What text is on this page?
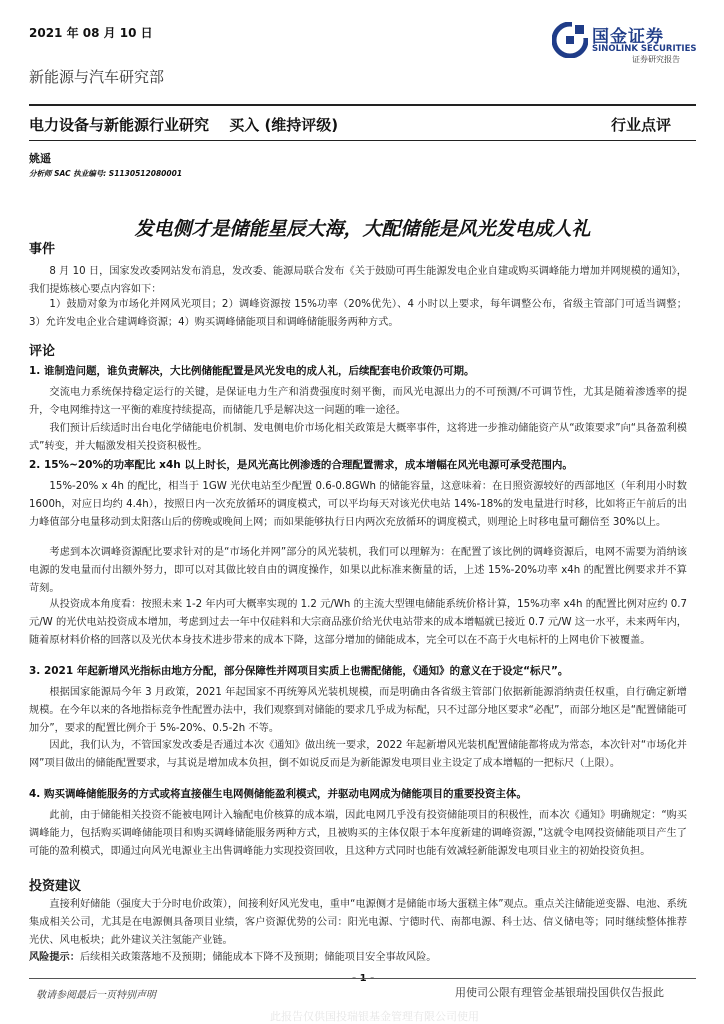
2021 年 08 月 10 日	国金证券
SINOLINK SECURITIES
证券研究报告
新能源与汽车研究部
电力设备与新能源行业研究　 买入 (维持评级)	行业点评
姚遥
分析师 SAC 执业编号: S1130512080001
发电侧才是储能星辰大海，大配储能是风光发电成人礼
事件
8 月 10 日，国家发改委网站发布消息，发改委、能源局联合发布《关于鼓励可再生能源发电企业自建或购买调峰能力增加并网规模的通知》，我们提炼核心要点内容如下：
1）鼓励对象为市场化并网风光项目；2）调峰资源按 15%功率（20%优先）、4 小时以上要求，每年调整公布，省级主管部门可适当调整；3）允许发电企业合建调峰资源；4）购买调峰储能项目和调峰储能服务两种方式。
评论
1. 谁制造问题，谁负责解决，大比例储能配置是风光发电的成人礼，后续配套电价政策仍可期。
交流电力系统保持稳定运行的关键，是保证电力生产和消费强度时刻平衡，而风光电源出力的不可预测/不可调节性，尤其是随着渗透率的提升，令电网维持这一平衡的难度持续提高，而储能几乎是解决这一问题的唯一途径。
我们预计后续适时出台电化学储能电价机制、发电侧电价市场化相关政策是大概率事件，这将进一步推动储能资产从“政策要求”向“具备盈利模式”转变，并大幅激发相关投资积极性。
2. 15%~20%的功率配比 x4h 以上时长，是风光高比例渗透的合理配置需求，成本增幅在风光电源可承受范围内。
15%-20% x 4h 的配比，相当于 1GW 光伏电站至少配置 0.6-0.8GWh 的储能容量，这意味着：在日照资源较好的西部地区（年利用小时数 1600h，对应日均约 4.4h），按照日内一次充放循环的调度模式，可以平均每天对该光伏电站 14%-18%的发电量进行时移，比如将正午前后的出力峰值部分电量移动到太阳落山后的傍晚或晚间上网；而如果能够执行日内两次充放循环的调度模式，则理论上时移电量可翻倍至 30%以上。
考虑到本次调峰资源配比要求针对的是“市场化并网”部分的风光装机，我们可以理解为：在配置了该比例的调峰资源后，电网不需要为消纳该电源的发电量而付出额外努力，即可以对其做比较自由的调度操作，如果以此标准来衡量的话，上述 15%-20%功率 x4h 的配置比例要求并不算苛刻。
从投资成本角度看：按照未来 1-2 年内可大概率实现的 1.2 元/Wh 的主流大型锂电储能系统价格计算，15%功率 x4h 的配置比例对应约 0.7 元/W 的光伏电站投资成本增加，考虑到过去一年中仅硅料和大宗商品涨价给光伏电站带来的成本增幅就已接近 0.7 元/W 这一水平，未来两年内，随着原材料价格的回落以及光伏本身技术进步带来的成本下降，这部分增加的储能成本，完全可以在不高于火电标杆的上网电价下被覆盖。
3. 2021 年起新增风光指标由地方分配，部分保障性并网项目实质上也需配储能，《通知》的意义在于设定“标尺”。
根据国家能源局今年 3 月政策，2021 年起国家不再统筹风光装机规模，而是明确由各省级主管部门依据新能源消纳责任权重，自行确定新增规模。在今年以来的各地指标竞争性配置办法中，我们观察到对储能的要求几乎成为标配，只不过部分地区要求“必配”，而部分地区是“配置储能可加分”，要求的配置比例介于 5%-20%、0.5-2h 不等。
因此，我们认为，不管国家发改委是否通过本次《通知》做出统一要求，2022 年起新增风光装机配置储能都将成为常态，本次针对“市场化并网”项目做出的储能配置要求，与其说是增加成本负担，倒不如说反而是为新能源发电项目业主设定了成本增幅的一把标尺（上限）。
4. 购买调峰储能服务的方式或将直接催生电网侧储能盈利模式，并驱动电网成为储能项目的重要投资主体。
此前，由于储能相关投资不能被电网计入输配电价核算的成本端，因此电网几乎没有投资储能项目的积极性，而本次《通知》明确规定：“购买调峰能力，包括购买调峰储能项目和购买调峰储能服务两种方式，且被购买的主体仅限于本年度新建的调峰资源，”这就令电网投资储能项目产生了可能的盈利模式，即通过向风光电源业主出售调峰能力实现投资回收，且这种方式同时也能有效减轻新能源发电项目业主的初始投资负担。
投资建议
直接利好储能（强度大于分时电价政策），间接利好风光发电，重申“电源侧才是储能市场大蛋糕主体”观点。重点关注储能逆变器、电池、系统集成相关公司，尤其是在电源侧具备项目业绩，客户资源优势的公司：阳光电源、宁德时代、南都电源、科士达、信义储电等；同时继续整体推荐光伏、风电板块；此外建议关注氢能产业链。
风险提示：后续相关政策落地不及预期；储能成本下降不及预期；储能项目安全事故风险。
敬请参阅最后一页特别声明	用使司公限有理管金基银瑞投国供仅告报此
此报告仅供国投瑞银基金管理有限公司使用
